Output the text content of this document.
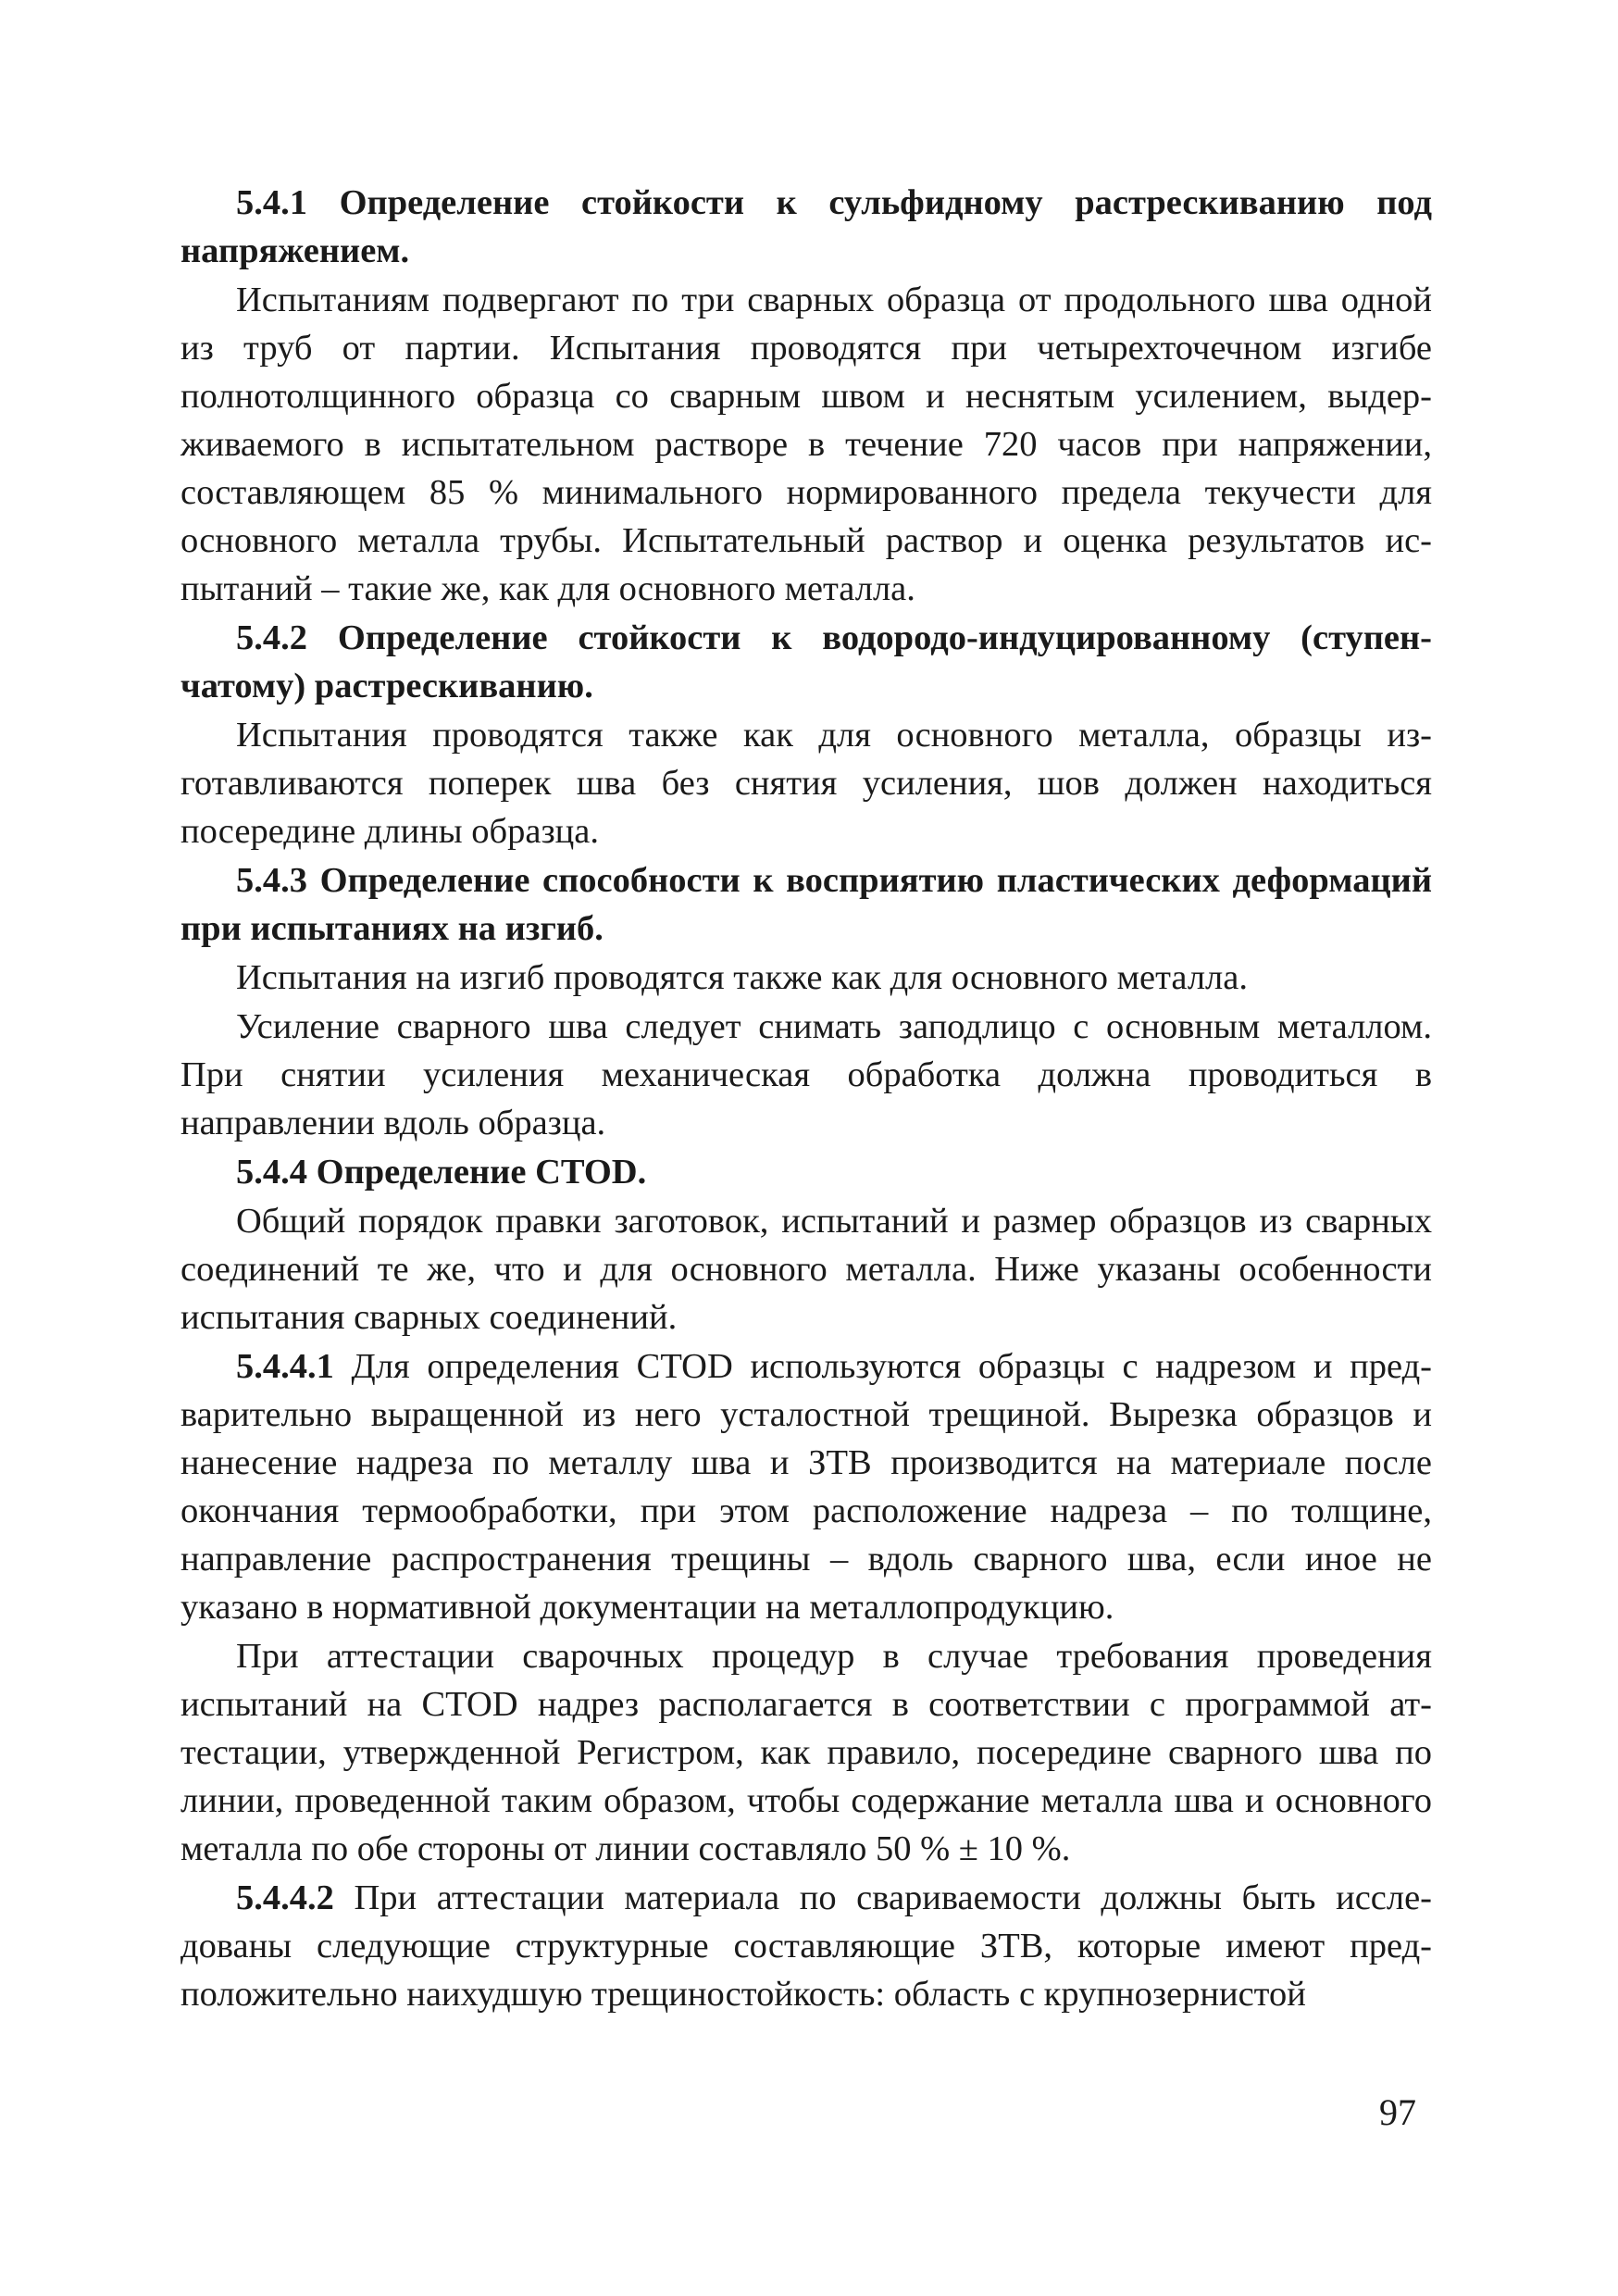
5.4.1 Определение стойкости к сульфидному растрескиванию под напряжением.

Испытаниям подвергают по три сварных образца от продольного шва одной из труб от партии. Испытания проводятся при четырехточечном изгибе полнотолщинного образца со сварным швом и неснятым усилением, выдерживаемого в испытательном растворе в течение 720 часов при напряжении, составляющем 85 % минимального нормированного предела текучести для основного металла трубы. Испытательный раствор и оценка результатов испытаний – такие же, как для основного металла.

5.4.2 Определение стойкости к водородо-индуцированному (ступенчатому) растрескиванию.

Испытания проводятся также как для основного металла, образцы изготавливаются поперек шва без снятия усиления, шов должен находиться посередине длины образца.

5.4.3 Определение способности к восприятию пластических деформаций при испытаниях на изгиб.

Испытания на изгиб проводятся также как для основного металла.

Усиление сварного шва следует снимать заподлицо с основным металлом. При снятии усиления механическая обработка должна проводиться в направлении вдоль образца.

5.4.4 Определение CTOD.

Общий порядок правки заготовок, испытаний и размер образцов из сварных соединений те же, что и для основного металла. Ниже указаны особенности испытания сварных соединений.

5.4.4.1 Для определения CTOD используются образцы с надрезом и предварительно выращенной из него усталостной трещиной. Вырезка образцов и нанесение надреза по металлу шва и ЗТВ производится на материале после окончания термообработки, при этом расположение надреза – по толщине, направление распространения трещины – вдоль сварного шва, если иное не указано в нормативной документации на металлопродукцию.

При аттестации сварочных процедур в случае требования проведения испытаний на CTOD надрез располагается в соответствии с программой аттестации, утвержденной Регистром, как правило, посередине сварного шва по линии, проведенной таким образом, чтобы содержание металла шва и основного металла по обе стороны от линии составляло 50 % ± 10 %.

5.4.4.2 При аттестации материала по свариваемости должны быть исследованы следующие структурные составляющие ЗТВ, которые имеют предположительно наихудшую трещиностойкость: область с крупнозернистой

97
